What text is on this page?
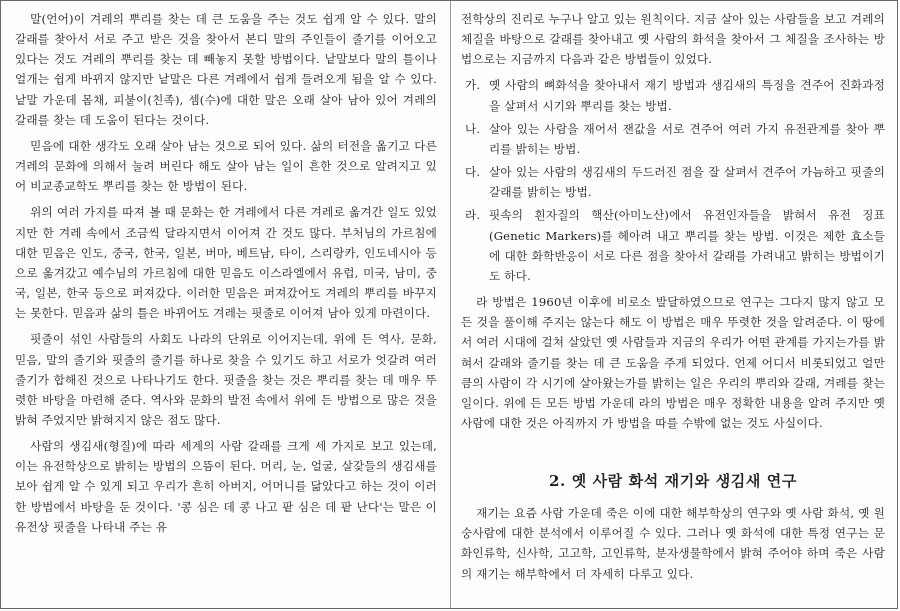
말(언어)이 겨레의 뿌리를 찾는 데 큰 도움을 주는 것도 쉽게 알 수 있다. 말의 갈래를 찾아서 서로 주고 받은 것을 찾아서 본디 말의 주인들이 줄기를 이어오고 있다는 것도 겨레의 뿌리를 찾는 데 빼놓지 못할 방법이다. 낱말보다 말의 틀이나 얼개는 쉽게 바뀌지 않지만 낱말은 다른 겨레에서 쉽게 들려오게 됨을 알 수 있다. 낱말 가운데 몸채, 피붙이(친족), 셈(수)에 대한 말은 오래 살아 남아 있어 겨레의 갈래를 찾는 데 도움이 된다는 것이다.

믿음에 대한 생각도 오래 살아 남는 것으로 되어 있다. 삶의 터전을 옮기고 다른 겨레의 문화에 의해서 눌려 버린다 해도 살아 남는 일이 흔한 것으로 알려지고 있어 비교종교학도 뿌리를 찾는 한 방법이 된다.

위의 여러 가지를 따져 볼 때 문화는 한 겨레에서 다른 겨레로 옮겨간 일도 있었지만 한 겨레 속에서 조금씩 달라지면서 이어져 간 것도 많다. 부처님의 가르침에 대한 믿음은 인도, 중국, 한국, 일본, 버마, 베트남, 타이, 스리랑카, 인도네시아 등으로 옮겨갔고 예수님의 가르침에 대한 믿음도 이스라엘에서 유럽, 미국, 남미, 중국, 일본, 한국 등으로 퍼져갔다. 이러한 믿음은 퍼져갔어도 겨레의 뿌리를 바꾸지는 못한다. 믿음과 삶의 틀은 바뀌어도 겨레는 핏줄로 이어져 남아 있게 마련이다.

핏줄이 섞인 사람들의 사회도 나라의 단위로 이어지는데, 위에 든 역사, 문화, 믿음, 말의 줄기와 핏줄의 줄기를 하나로 찾을 수 있기도 하고 서로가 엇갈려 여러 줄기가 합해진 것으로 나타나기도 한다. 핏줄을 찾는 것은 뿌리를 찾는 데 매우 뚜렷한 바탕을 마련해 준다. 역사와 문화의 발전 속에서 위에 든 방법으로 많은 것을 밝혀 주었지만 밝혀지지 않은 점도 많다.

사람의 생김새(형질)에 따라 세계의 사람 갈래를 크게 세 가지로 보고 있는데, 이는 유전학상으로 밝히는 방법의 으뜸이 된다. 머리, 눈, 얼굴, 살갗들의 생김새를 보아 쉽게 알 수 있게 되고 우리가 흔히 아버지, 어머니를 닮았다고 하는 것이 이러한 방법에서 바탕을 둔 것이다. '콩 심은 데 콩 나고 팥 심은 데 팥 난다'는 말은 이 유전상 핏줄을 나타내 주는 유

전학상의 진리로 누구나 알고 있는 원칙이다. 지금 살아 있는 사람들을 보고 겨레의 체질을 바탕으로 갈래를 찾아내고 옛 사람의 화석을 찾아서 그 체질을 조사하는 방법으로는 지금까지 다음과 같은 방법들이 있었다.

가. 옛 사람의 뼈화석을 찾아내서 재기 방법과 생김새의 특징을 견주어 진화과정을 살펴서 시기와 뿌리를 찾는 방법.
나. 살아 있는 사람을 재어서 잰값을 서로 견주어 여러 가지 유전관계를 찾아 뿌리를 밝히는 방법.
다. 살아 있는 사람의 생김새의 두드러진 점을 잘 살펴서 견주어 가늠하고 핏줄의 갈래를 밝히는 방법.
라. 핏속의 흰자질의 핵산(아미노산)에서 유전인자들을 밝혀서 유전 징표(Genetic Markers)를 헤아려 내고 뿌리를 찾는 방법. 이것은 제한 효소들에 대한 화학반응이 서로 다른 점을 찾아서 갈래를 가려내고 밝히는 방법이기도 하다.

라 방법은 1960년 이후에 비로소 발달하였으므로 연구는 그다지 많지 않고 모든 것을 풀이해 주지는 않는다 해도 이 방법은 매우 뚜렷한 것을 알려준다. 이 땅에서 여러 시대에 걸쳐 살았던 옛 사람들과 지금의 우리가 어떤 관계를 가지는가를 밝혀서 갈래와 줄기를 찾는 데 큰 도움을 주게 되었다. 언제 어디서 비롯되었고 얼만큼의 사람이 각 시기에 살아왔는가를 밝히는 일은 우리의 뿌리와 갈래, 겨레를 찾는 일이다. 위에 든 모든 방법 가운데 라의 방법은 매우 정확한 내용을 알려 주지만 옛 사람에 대한 것은 아직까지 가 방법을 따를 수밖에 없는 것도 사실이다.

2. 옛 사람 화석 재기와 생김새 연구

재기는 요즘 사람 가운데 죽은 이에 대한 해부학상의 연구와 옛 사람 화석, 옛 원숭사람에 대한 분석에서 이루어질 수 있다. 그러나 옛 화석에 대한 특정 연구는 문화인류학, 신사학, 고고학, 고인류학, 분자생물학에서 밝혀 주어야 하며 죽은 사람의 재기는 해부학에서 더 자세히 다루고 있다.
